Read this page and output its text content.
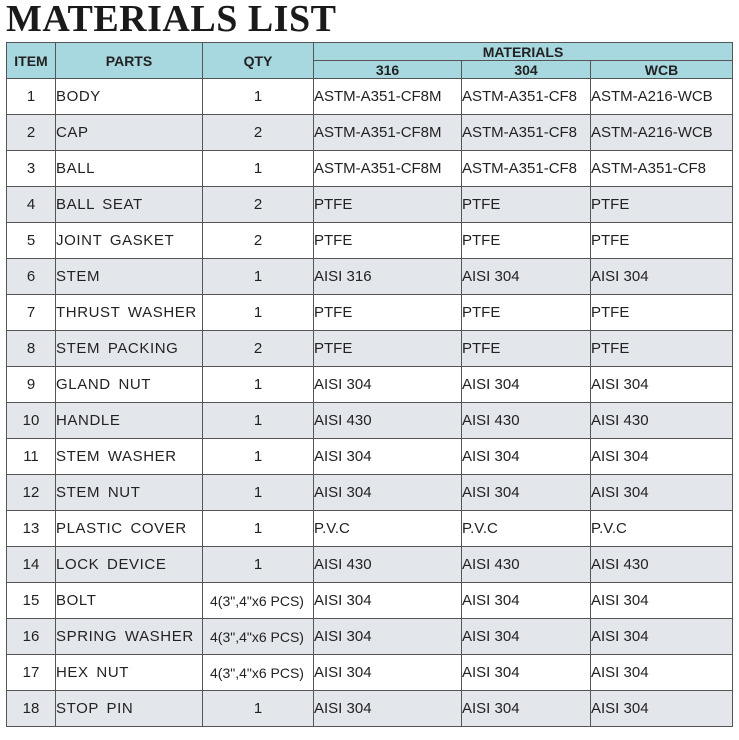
MATERIALS LIST
ITEM	PARTS	QTY	MATERIALS		
			316	304	WCB
1	BODY	1	ASTM-A351-CF8M	ASTM-A351-CF8	ASTM-A216-WCB
2	CAP	2	ASTM-A351-CF8M	ASTM-A351-CF8	ASTM-A216-WCB
3	BALL	1	ASTM-A351-CF8M	ASTM-A351-CF8	ASTM-A351-CF8
4	BALL SEAT	2	PTFE	PTFE	PTFE
5	JOINT GASKET	2	PTFE	PTFE	PTFE
6	STEM	1	AISI 316	AISI 304	AISI 304
7	THRUST WASHER	1	PTFE	PTFE	PTFE
8	STEM PACKING	2	PTFE	PTFE	PTFE
9	GLAND NUT	1	AISI 304	AISI 304	AISI 304
10	HANDLE	1	AISI 430	AISI 430	AISI 430
11	STEM WASHER	1	AISI 304	AISI 304	AISI 304
12	STEM NUT	1	AISI 304	AISI 304	AISI 304
13	PLASTIC COVER	1	P.V.C	P.V.C	P.V.C
14	LOCK DEVICE	1	AISI 430	AISI 430	AISI 430
15	BOLT	4(3",4"x6 PCS)	AISI 304	AISI 304	AISI 304
16	SPRING WASHER	4(3",4"x6 PCS)	AISI 304	AISI 304	AISI 304
17	HEX NUT	4(3",4"x6 PCS)	AISI 304	AISI 304	AISI 304
18	STOP PIN	1	AISI 304	AISI 304	AISI 304
